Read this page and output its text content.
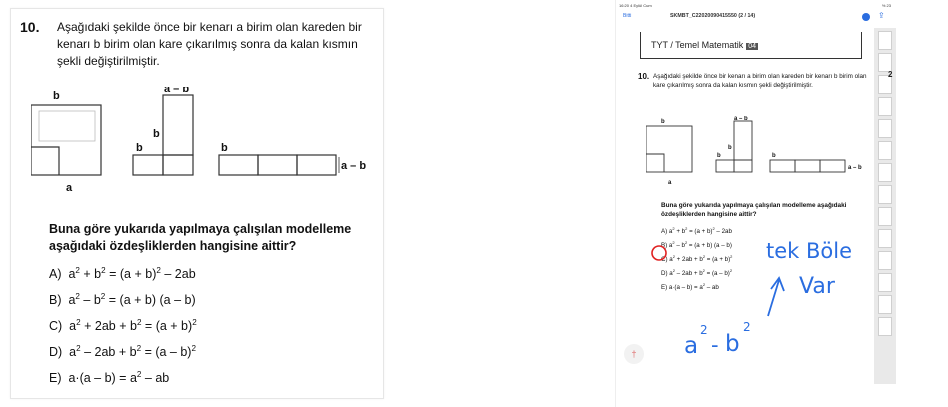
10. Aşağıdaki şekilde önce bir kenarı a birim olan kareden bir kenarı b birim olan kare çıkarılmış sonra da kalan kısmın şekli değiştirilmiştir.
b
a – b
b
b	b
a – b
a
Buna göre yukarıda yapılmaya çalışılan modelleme aşağıdaki özdeşliklerden hangisine aittir?
A) $a^2 + b^2 = (a + b)^2 - 2ab$
B) $a^2 - b^2 = (a + b)$ (a – b)
C) $a^2 + 2ab + b^2 = (a + b)^2$
D) $a^2 - 2ab + b^2 = (a - b)^2$
E) $a\cdot(a - b) = a^2$ – ab
16:20 4 Eylül Cum	% 23
Bitti	SKMBT_C22020090415550 (2 / 14)	⇪
TYT / Temel Matematik 04
10. Aşağıdaki şekilde önce bir kenarı a birim olan kareden bir kenarı b birim olan kare çıkarılmış sonra da kalan kısmın şekli değiştirilmiştir.
b	a – b
b
b	b
a – b
a
Buna göre yukarıda yapılmaya çalışılan modelleme aşağıdaki özdeşliklerden hangisine aittir?
A) $a^2 + b^2 = (a + b)^2 - 2ab$
B) $a^2 - b^2 = (a + b)$ (a – b)
C) $a^2 + 2ab + b^2 = (a + b)^2$
D) $a^2 - 2ab + b^2 = (a - b)^2$
E) $a\cdot(a - b) = a^2$ – ab
tek Böle
Var
a
2
- b
2
†
2
